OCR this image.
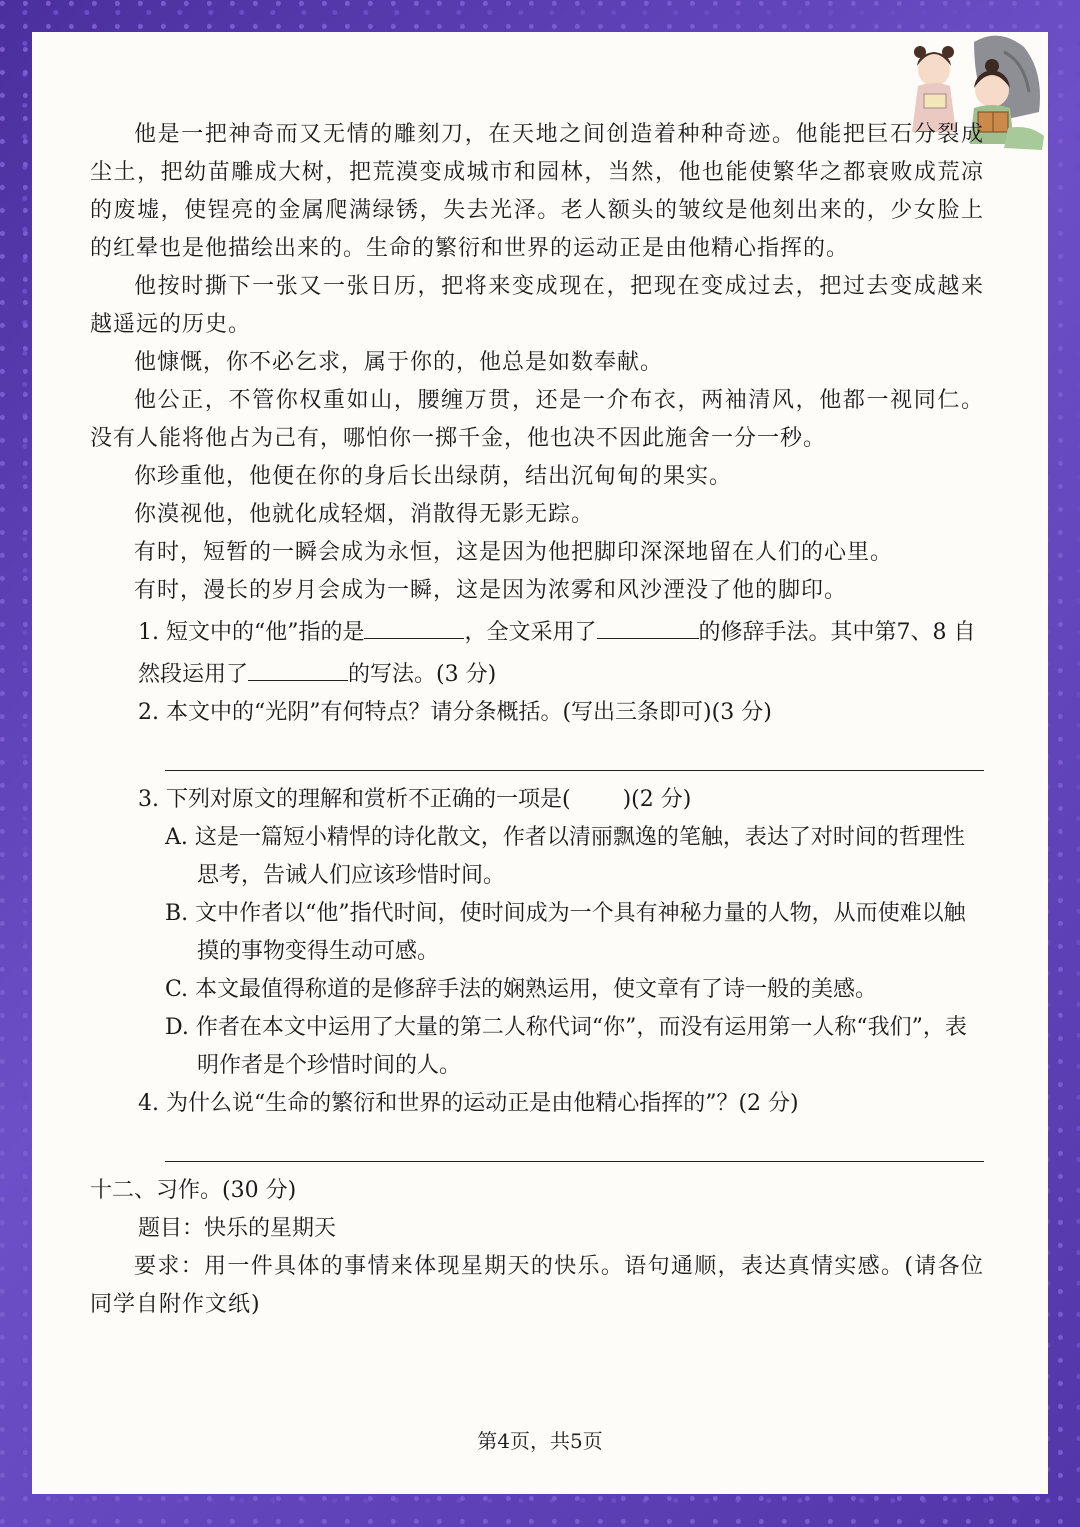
他是一把神奇而又无情的雕刻刀，在天地之间创造着种种奇迹。他能把巨石分裂成尘土，把幼苗雕成大树，把荒漠变成城市和园林，当然，他也能使繁华之都衰败成荒凉的废墟，使锃亮的金属爬满绿锈，失去光泽。老人额头的皱纹是他刻出来的，少女脸上的红晕也是他描绘出来的。生命的繁衍和世界的运动正是由他精心指挥的。

他按时撕下一张又一张日历，把将来变成现在，把现在变成过去，把过去变成越来越遥远的历史。

他慷慨，你不必乞求，属于你的，他总是如数奉献。

他公正，不管你权重如山，腰缠万贯，还是一介布衣，两袖清风，他都一视同仁。没有人能将他占为己有，哪怕你一掷千金，他也决不因此施舍一分一秒。

你珍重他，他便在你的身后长出绿荫，结出沉甸甸的果实。

你漠视他，他就化成轻烟，消散得无影无踪。

有时，短暂的一瞬会成为永恒，这是因为他把脚印深深地留在人们的心里。

有时，漫长的岁月会成为一瞬，这是因为浓雾和风沙湮没了他的脚印。

1. 短文中的“他”指的是	，全文采用了	的修辞手法。其中第7、8 自然段运用了	的写法。(3 分)

2. 本文中的“光阴”有何特点？请分条概括。(写出三条即可)(3 分)

3. 下列对原文的理解和赏析不正确的一项是( )(2 分)

A. 这是一篇短小精悍的诗化散文，作者以清丽飘逸的笔触，表达了对时间的哲理性思考，告诫人们应该珍惜时间。

B. 文中作者以“他”指代时间，使时间成为一个具有神秘力量的人物，从而使难以触摸的事物变得生动可感。

C. 本文最值得称道的是修辞手法的娴熟运用，使文章有了诗一般的美感。

D. 作者在本文中运用了大量的第二人称代词“你”，而没有运用第一人称“我们”，表明作者是个珍惜时间的人。

4. 为什么说“生命的繁衍和世界的运动正是由他精心指挥的”？(2 分)

十二、习作。(30 分)

题目：快乐的星期天

要求：用一件具体的事情来体现星期天的快乐。语句通顺，表达真情实感。(请各位同学自附作文纸)

第4页，共5页
